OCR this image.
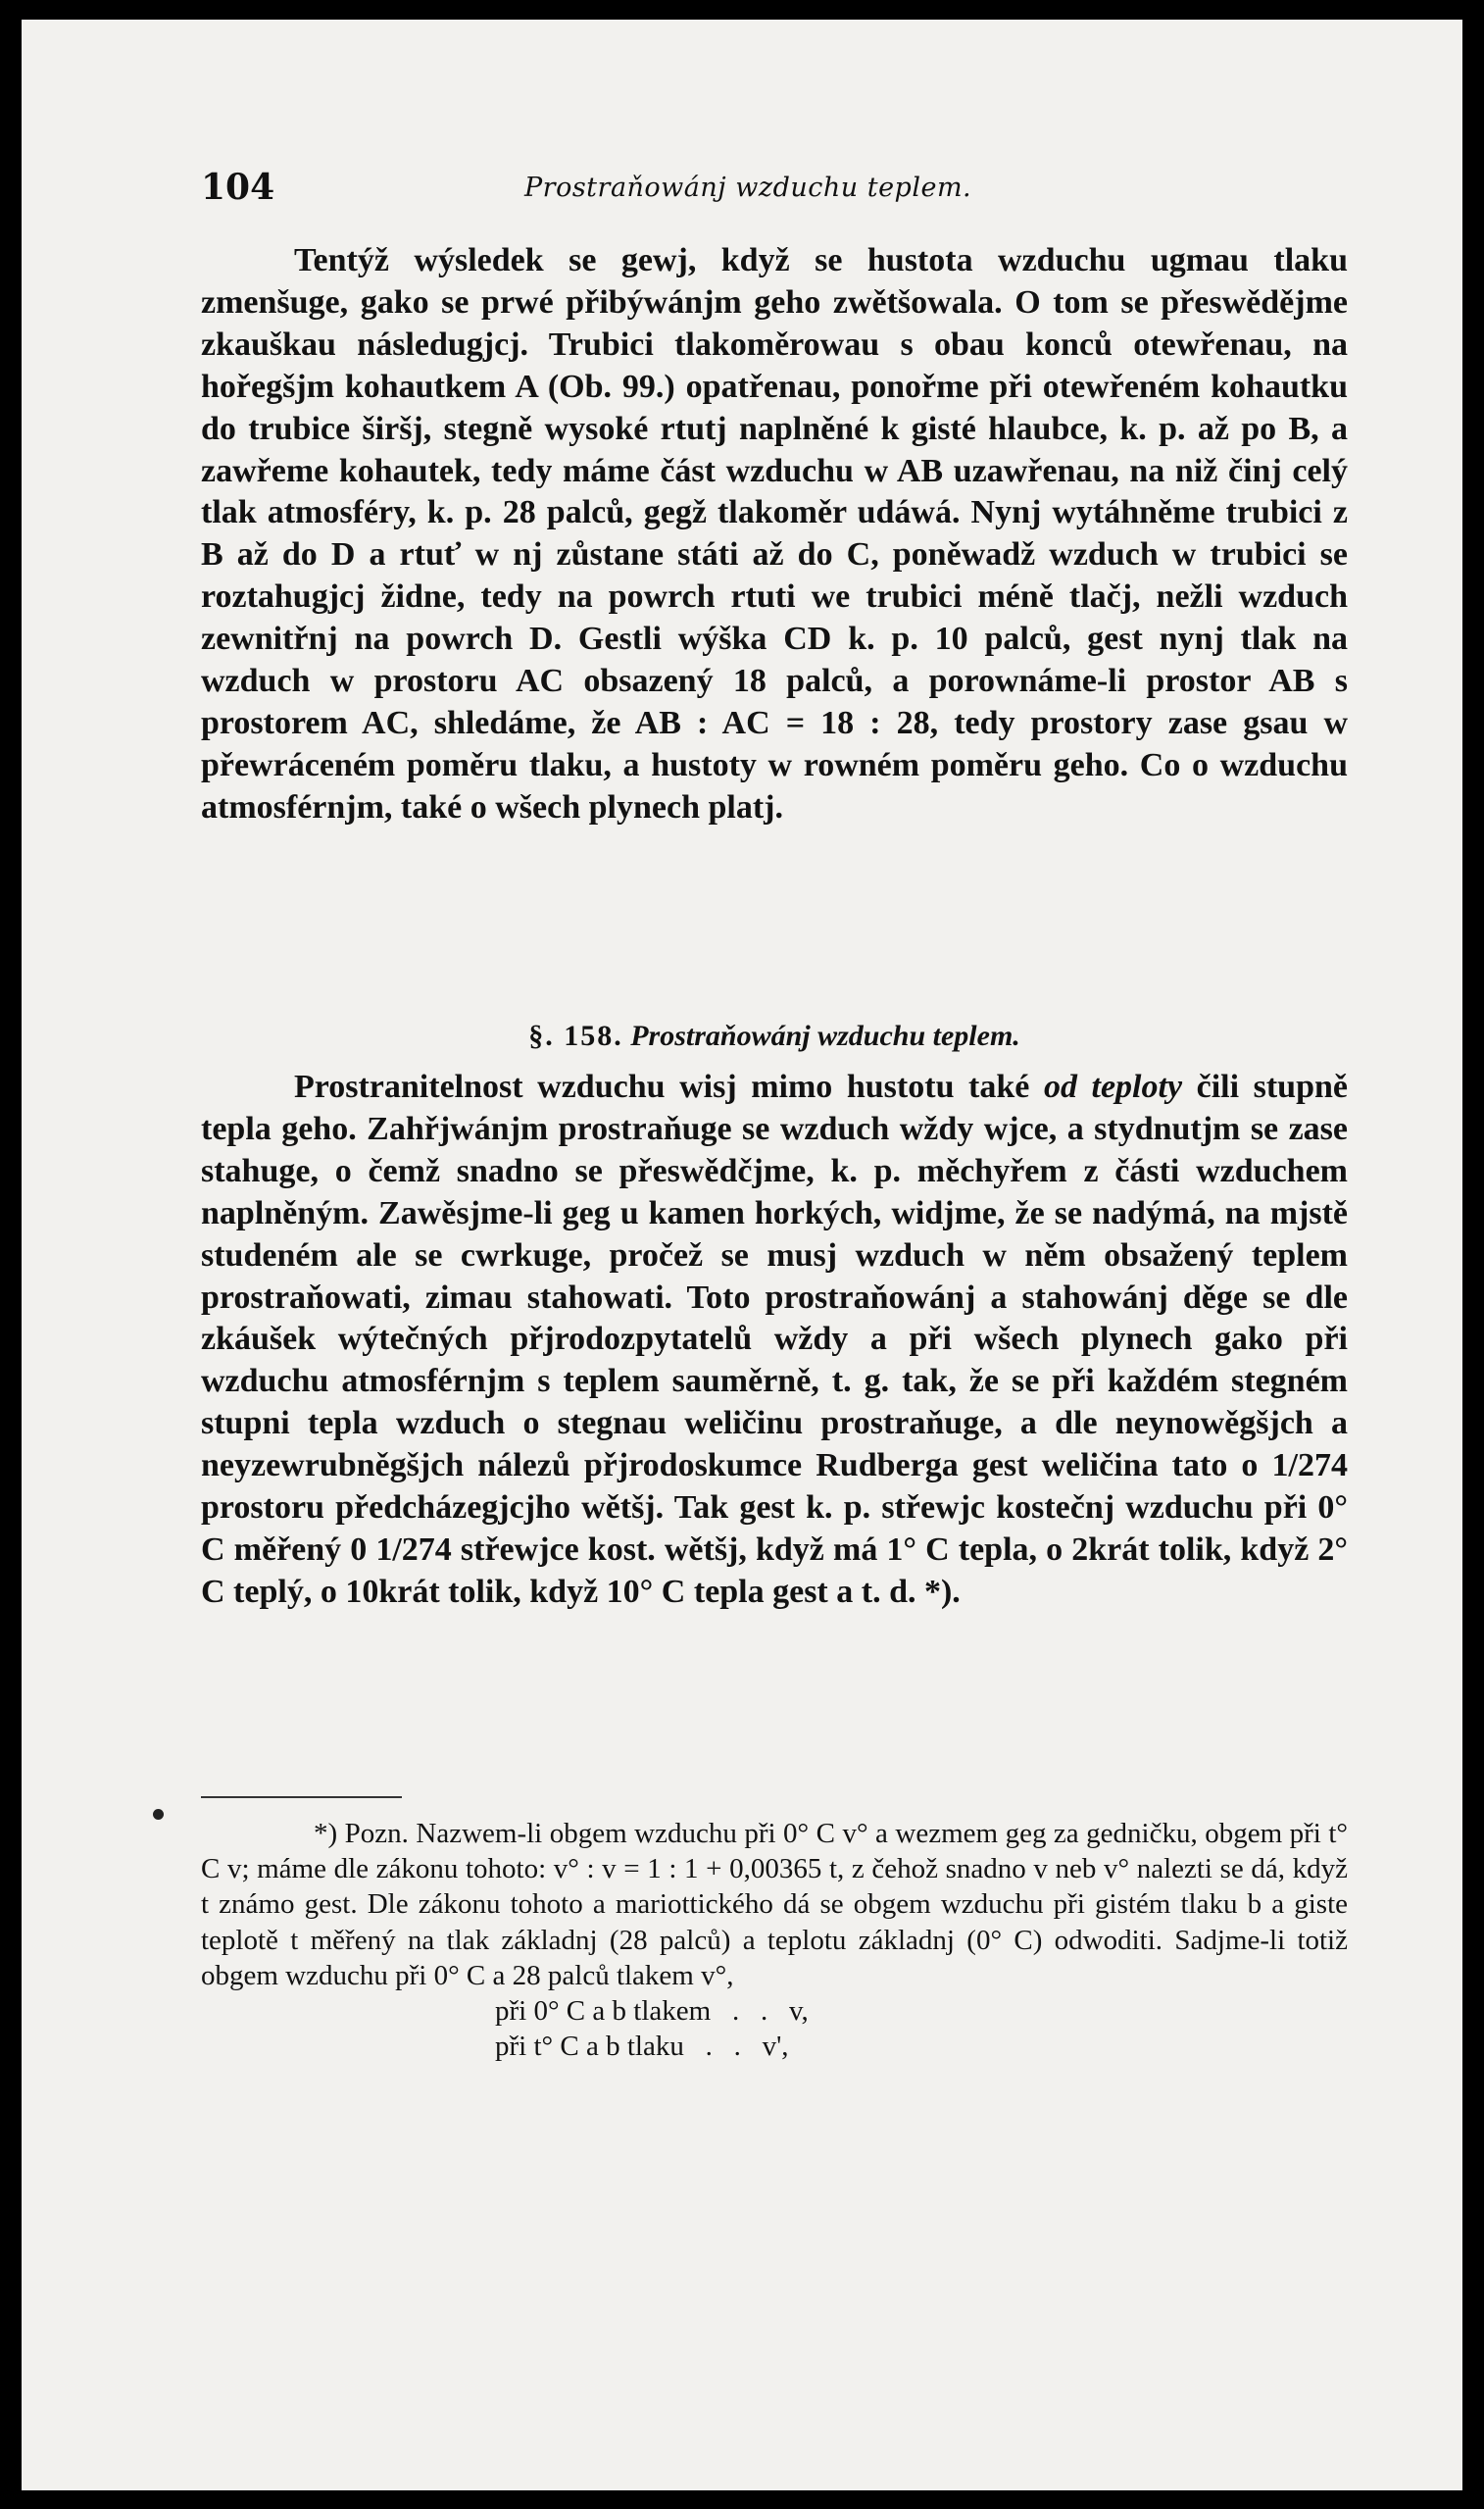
104	Prostraňowánj wzduchu teplem.

Tentýž wýsledek se gewj, když se hustota wzduchu ugmau tlaku zmenšuge, gako se prwé přibýwánjm geho zwětšowala. O tom se přeswědějme zkauškau následugjcj. Trubici tlakoměrowau s obau konců otewřenau, na hořegšjm kohautkem A (Ob. 99.) opatřenau, ponořme při otewřeném kohautku do trubice širšj, stegně wysoké rtutj naplněné k gisté hlaubce, k. p. až po B, a zawřeme kohautek, tedy máme část wzduchu w AB uzawřenau, na niž činj celý tlak atmosféry, k. p. 28 palců, gegž tlakoměr udáwá. Nynj wytáhněme trubici z B až do D a rtuť w nj zůstane státi až do C, poněwadž wzduch w trubici se roztahugjcj židne, tedy na powrch rtuti we trubici méně tlačj, nežli wzduch zewnitřnj na powrch D. Gestli wýška CD k. p. 10 palců, gest nynj tlak na wzduch w prostoru AC obsazený 18 palců, a porownáme-li prostor AB s prostorem AC, shledáme, že AB : AC = 18 : 28, tedy prostory zase gsau w přewráceném poměru tlaku, a hustoty w rowném poměru geho. Co o wzduchu atmosférnjm, také o wšech plynech platj.

§. 158. Prostraňowánj wzduchu teplem.

Prostranitelnost wzduchu wisj mimo hustotu také od teploty čili stupně tepla geho. Zahřjwánjm prostraňuge se wzduch wždy wjce, a stydnutjm se zase stahuge, o čemž snadno se přeswědčjme, k. p. měchyřem z části wzduchem naplněným. Zawěsjme-li geg u kamen horkých, widjme, že se nadýmá, na mjstě studeném ale se cwrkuge, pročež se musj wzduch w něm obsažený teplem prostraňowati, zimau stahowati. Toto prostraňowánj a stahowánj děge se dle zkáušek wýtečných přjrodozpytatelů wždy a při wšech plynech gako při wzduchu atmosférnjm s teplem sauměrně, t. g. tak, že se při každém stegném stupni tepla wzduch o stegnau weličinu prostraňuge, a dle neynowěgšjch a neyzewrubněgšjch nálezů přjrodoskumce Rudberga gest weličina tato o 1/274 prostoru předcházegjcjho wětšj. Tak gest k. p. střewjc kostečnj wzduchu při 0° C měřený 0 1/274 střewjce kost. wětšj, když má 1° C tepla, o 2krát tolik, když 2° C teplý, o 10krát tolik, když 10° C tepla gest a t. d. *).

*) Pozn. Nazwem-li obgem wzduchu při 0° C v° a wezmem geg za gedničku, obgem při t° C v; máme dle zákonu tohoto: v° : v = 1 : 1 + 0,00365 t, z čehož snadno v neb v° nalezti se dá, když t známo gest. Dle zákonu tohoto a mariottického dá se obgem wzduchu při gistém tlaku b a giste teplotě t měřený na tlak základnj (28 palců) a teplotu základnj (0° C) odwoditi. Sadjme-li totiž obgem wzduchu při 0° C a 28 palců tlakem v°,

při 0° C a b tlakem   .   .   v,

při t° C a b tlaku   .   .   v',
